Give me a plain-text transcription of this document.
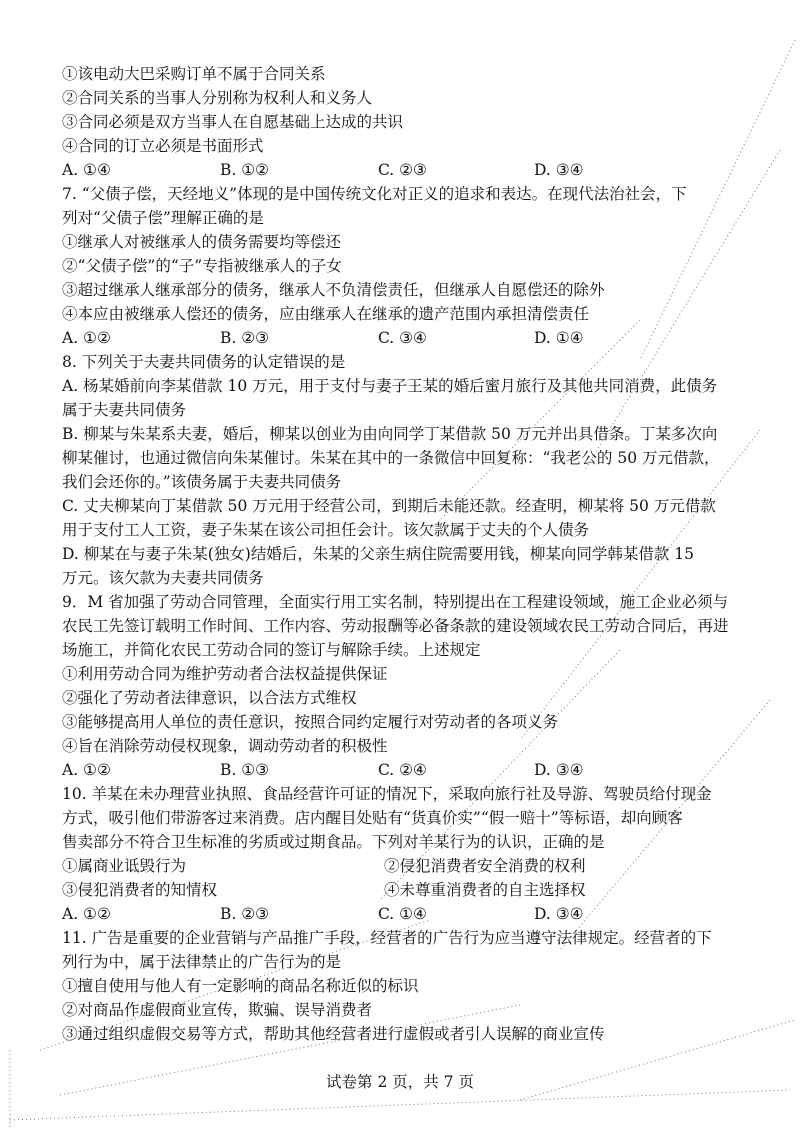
①该电动大巴采购订单不属于合同关系
②合同关系的当事人分别称为权利人和义务人
③合同必须是双方当事人在自愿基础上达成的共识
④合同的订立必须是书面形式
A. ①④	B. ①②	C. ②③	D. ③④
7. “父债子偿，天经地义”体现的是中国传统文化对正义的追求和表达。在现代法治社会，下
列对“父债子偿”理解正确的是
①继承人对被继承人的债务需要均等偿还
②“父债子偿”的“子”专指被继承人的子女
③超过继承人继承部分的债务，继承人不负清偿责任，但继承人自愿偿还的除外
④本应由被继承人偿还的债务，应由继承人在继承的遗产范围内承担清偿责任
A. ①②	B. ②③	C. ③④	D. ①④
8. 下列关于夫妻共同债务的认定错误的是
A. 杨某婚前向李某借款 10 万元，用于支付与妻子王某的婚后蜜月旅行及其他共同消费，此债务
属于夫妻共同债务
B. 柳某与朱某系夫妻，婚后，柳某以创业为由向同学丁某借款 50 万元并出具借条。丁某多次向
柳某催讨，也通过微信向朱某催讨。朱某在其中的一条微信中回复称：“我老公的 50 万元借款，
我们会还你的。”该债务属于夫妻共同债务
C. 丈夫柳某向丁某借款 50 万元用于经营公司，到期后未能还款。经查明，柳某将 50 万元借款
用于支付工人工资，妻子朱某在该公司担任会计。该欠款属于丈夫的个人债务
D. 柳某在与妻子朱某(独女)结婚后，朱某的父亲生病住院需要用钱，柳某向同学韩某借款 15
万元。该欠款为夫妻共同债务
9．M 省加强了劳动合同管理，全面实行用工实名制，特别提出在工程建设领域，施工企业必须与
农民工先签订载明工作时间、工作内容、劳动报酬等必备条款的建设领域农民工劳动合同后，再进
场施工，并简化农民工劳动合同的签订与解除手续。上述规定
①利用劳动合同为维护劳动者合法权益提供保证
②强化了劳动者法律意识，以合法方式维权
③能够提高用人单位的责任意识，按照合同约定履行对劳动者的各项义务
④旨在消除劳动侵权现象，调动劳动者的积极性
A. ①②	B. ①③	C. ②④	D. ③④
10. 羊某在未办理营业执照、食品经营许可证的情况下，采取向旅行社及导游、驾驶员给付现金
方式，吸引他们带游客过来消费。店内醒目处贴有“货真价实”“假一赔十”等标语，却向顾客
售卖部分不符合卫生标准的劣质或过期食品。下列对羊某行为的认识，正确的是
①属商业诋毁行为	②侵犯消费者安全消费的权利
③侵犯消费者的知情权	④未尊重消费者的自主选择权
A. ①②	B. ②③	C. ①④	D. ③④
11. 广告是重要的企业营销与产品推广手段，经营者的广告行为应当遵守法律规定。经营者的下
列行为中，属于法律禁止的广告行为的是
①擅自使用与他人有一定影响的商品名称近似的标识
②对商品作虚假商业宣传，欺骗、误导消费者
③通过组织虚假交易等方式，帮助其他经营者进行虚假或者引人误解的商业宣传
试卷第 2 页，共 7 页
